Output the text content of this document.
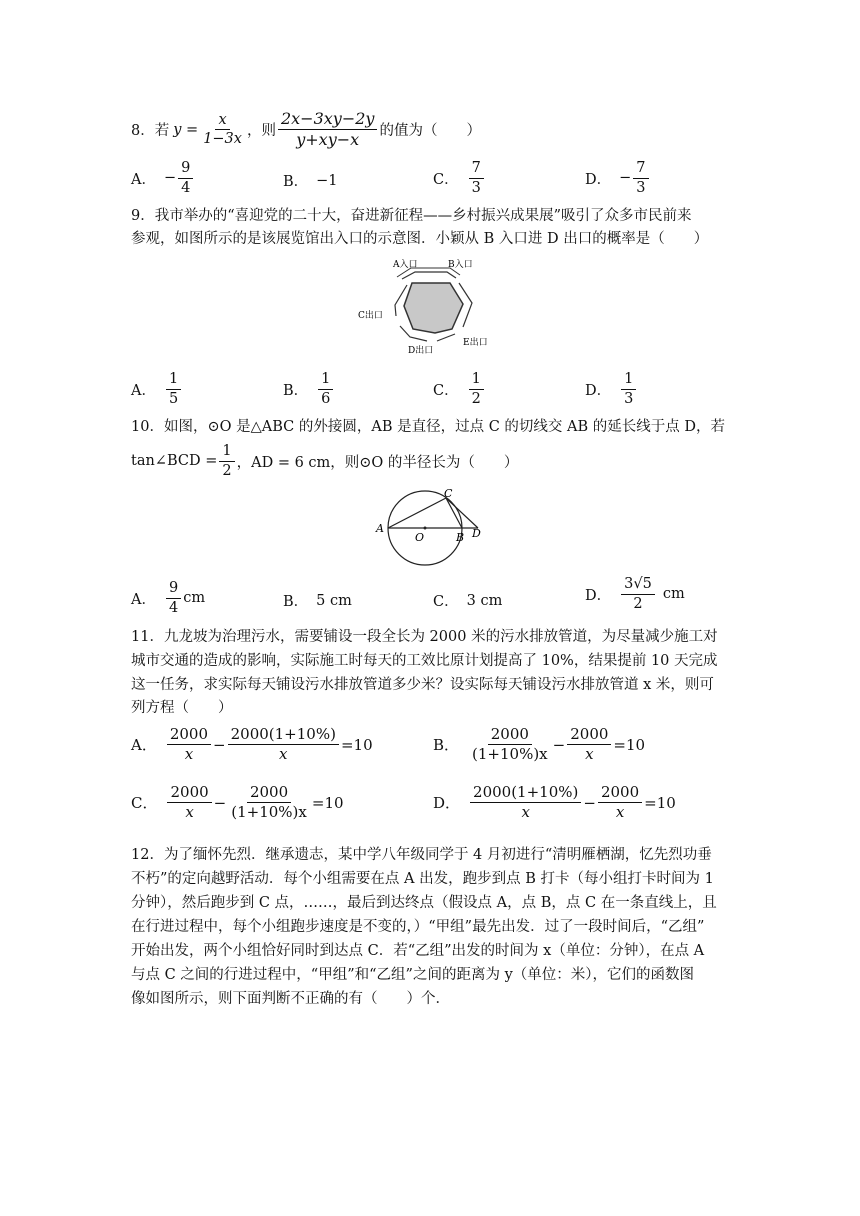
8．若 $y = \frac{x}{1-3x}$ ，则 $\frac{2x-3xy-2y}{y+xy-x}$ 的值为（　　）
A． − $\frac{9}{4}$	B． −1	C． $\frac{7}{3}$	D． − $\frac{7}{3}$
9．我市举办的“喜迎党的二十大，奋进新征程——乡村振兴成果展”吸引了众多市民前来
参观，如图所示的是该展览馆出入口的示意图．小颖从 B 入口进 D 出口的概率是（　　）
A入口	B入口
C出口
D出口
E出口
A． $\frac{1}{5}$	B． $\frac{1}{6}$	C． $\frac{1}{2}$	D． $\frac{1}{3}$
10．如图，⊙O 是△ABC 的外接圆，AB 是直径，过点 C 的切线交 AB 的延长线于点 D，若
tan∠BCD = $\frac{1}{2}$ ，AD = 6 cm，则⊙O 的半径长为（　　）
A
B
C
D
O
A． $\frac{9}{4}$ cm	B． 5 cm	C． 3 cm	D． $\frac{3√5}{2}$ cm
11．九龙坡为治理污水，需要铺设一段全长为 2000 米的污水排放管道，为尽量减少施工对
城市交通的造成的影响，实际施工时每天的工效比原计划提高了 10%，结果提前 10 天完成
这一任务，求实际每天铺设污水排放管道多少米？设实际每天铺设污水排放管道 x 米，则可
列方程（　　）
A． $\frac{2000}{x} - \frac{2000(1+10\%)}{x} =10$	B． $\frac{2000}{(1+10\%)x} - \frac{2000}{x} =10$
C． $\frac{2000}{x} - \frac{2000}{(1+10\%)x} =10$	D． $\frac{2000(1+10\%)}{x} - \frac{2000}{x} =10$
12．为了缅怀先烈．继承遗志，某中学八年级同学于 4 月初进行“清明雁栖湖，忆先烈功垂
不朽”的定向越野活动．每个小组需要在点 A 出发，跑步到点 B 打卡（每小组打卡时间为 1
分钟），然后跑步到 C 点，……，最后到达终点（假设点 A，点 B，点 C 在一条直线上，且
在行进过程中，每个小组跑步速度是不变的，）“甲组”最先出发．过了一段时间后，“乙组”
开始出发，两个小组恰好同时到达点 C．若“乙组”出发的时间为 x（单位：分钟），在点 A
与点 C 之间的行进过程中，“甲组”和“乙组”之间的距离为 y（单位：米），它们的函数图
像如图所示，则下面判断不正确的有（　　）个．
